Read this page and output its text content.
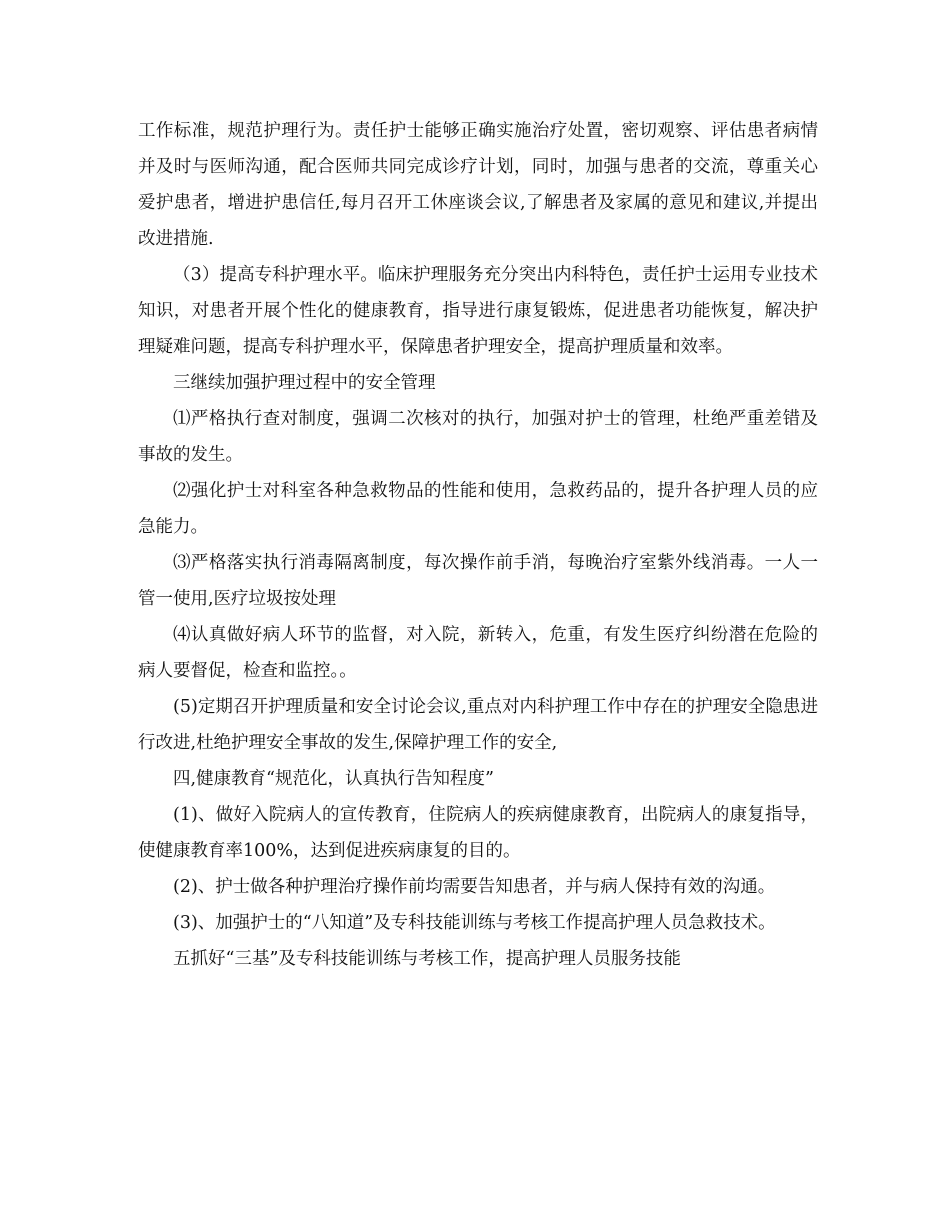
工作标准，规范护理行为。责任护士能够正确实施治疗处置，密切观察、评估患者病情并及时与医师沟通，配合医师共同完成诊疗计划，同时，加强与患者的交流，尊重关心爱护患者，增进护患信任,每月召开工休座谈会议,了解患者及家属的意见和建议,并提出改进措施.

（3）提高专科护理水平。临床护理服务充分突出内科特色，责任护士运用专业技术知识，对患者开展个性化的健康教育，指导进行康复锻炼，促进患者功能恢复，解决护理疑难问题，提高专科护理水平，保障患者护理安全，提高护理质量和效率。

三继续加强护理过程中的安全管理

⑴严格执行查对制度，强调二次核对的执行，加强对护士的管理，杜绝严重差错及事故的发生。

⑵强化护士对科室各种急救物品的性能和使用，急救药品的，提升各护理人员的应急能力。

⑶严格落实执行消毒隔离制度，每次操作前手消，每晚治疗室紫外线消毒。一人一管一使用,医疗垃圾按处理

⑷认真做好病人环节的监督，对入院，新转入，危重，有发生医疗纠纷潜在危险的病人要督促，检查和监控。。

(5)定期召开护理质量和安全讨论会议,重点对内科护理工作中存在的护理安全隐患进行改进,杜绝护理安全事故的发生,保障护理工作的安全,

四,健康教育“规范化，认真执行告知程度”

(1)、做好入院病人的宣传教育，住院病人的疾病健康教育，出院病人的康复指导，使健康教育率100%，达到促进疾病康复的目的。

(2)、护士做各种护理治疗操作前均需要告知患者，并与病人保持有效的沟通。

(3)、加强护士的“八知道”及专科技能训练与考核工作提高护理人员急救技术。

五抓好“三基”及专科技能训练与考核工作，提高护理人员服务技能
